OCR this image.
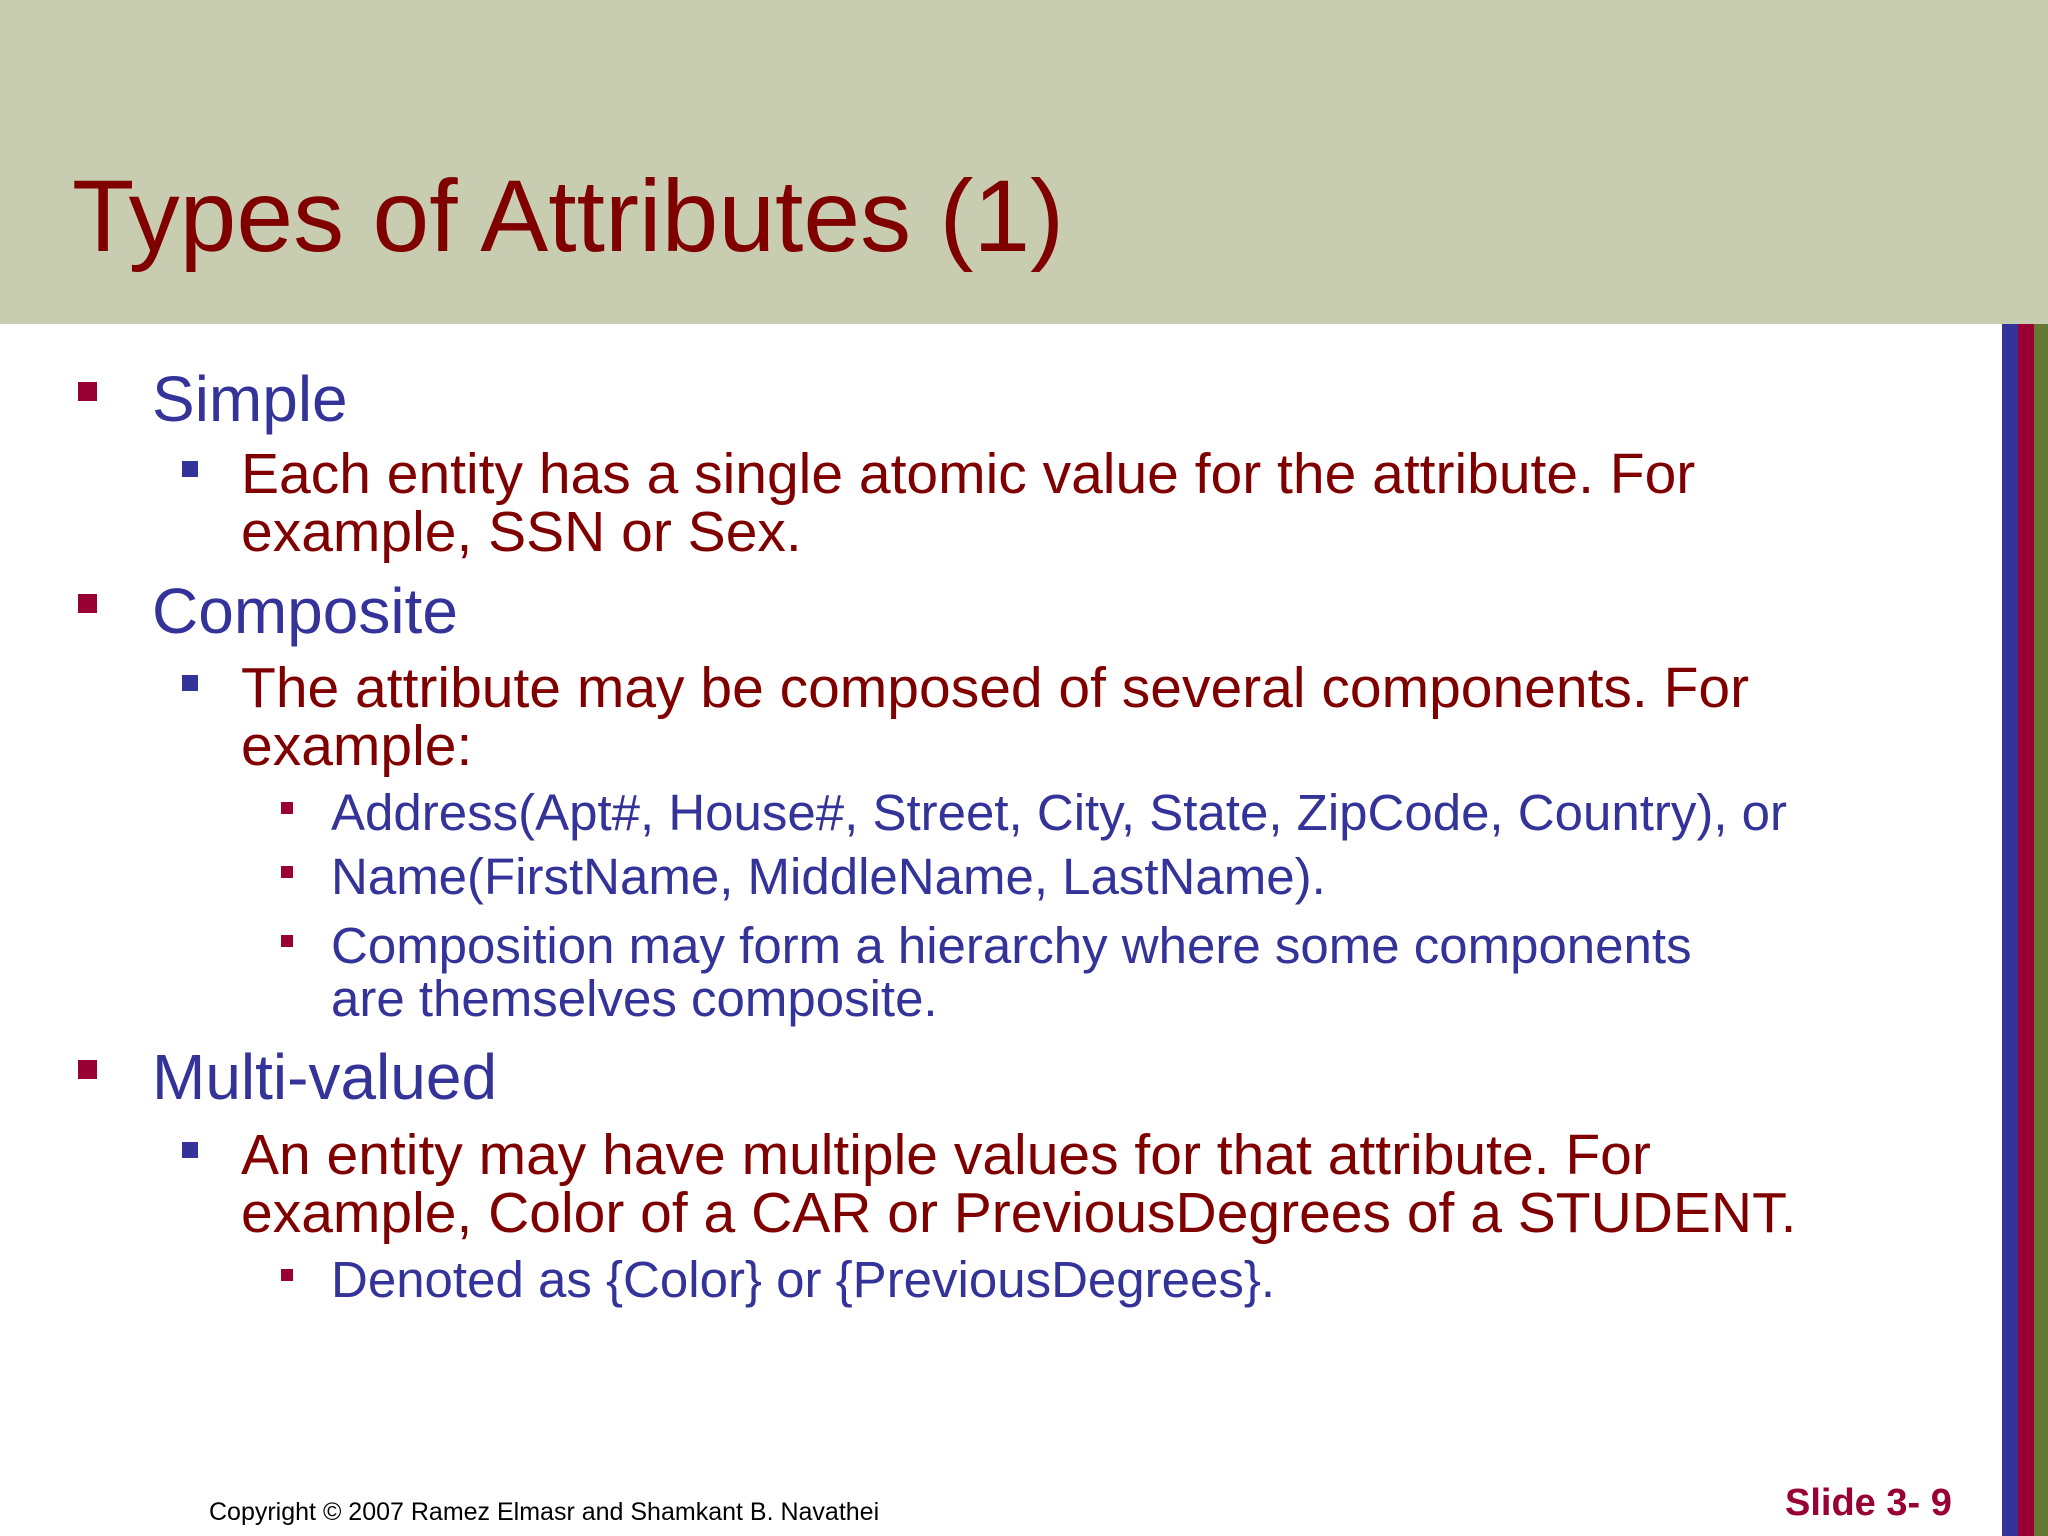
Types of Attributes (1)
Simple
Each entity has a single atomic value for the attribute. For
example, SSN or Sex.
Composite
The attribute may be composed of several components. For
example:
Address(Apt#, House#, Street, City, State, ZipCode, Country), or
Name(FirstName, MiddleName, LastName).
Composition may form a hierarchy where some components
are themselves composite.
Multi-valued
An entity may have multiple values for that attribute. For
example, Color of a CAR or PreviousDegrees of a STUDENT.
Denoted as {Color} or {PreviousDegrees}.
Copyright © 2007 Ramez Elmasr and Shamkant B. Navathei	Slide 3- 9
